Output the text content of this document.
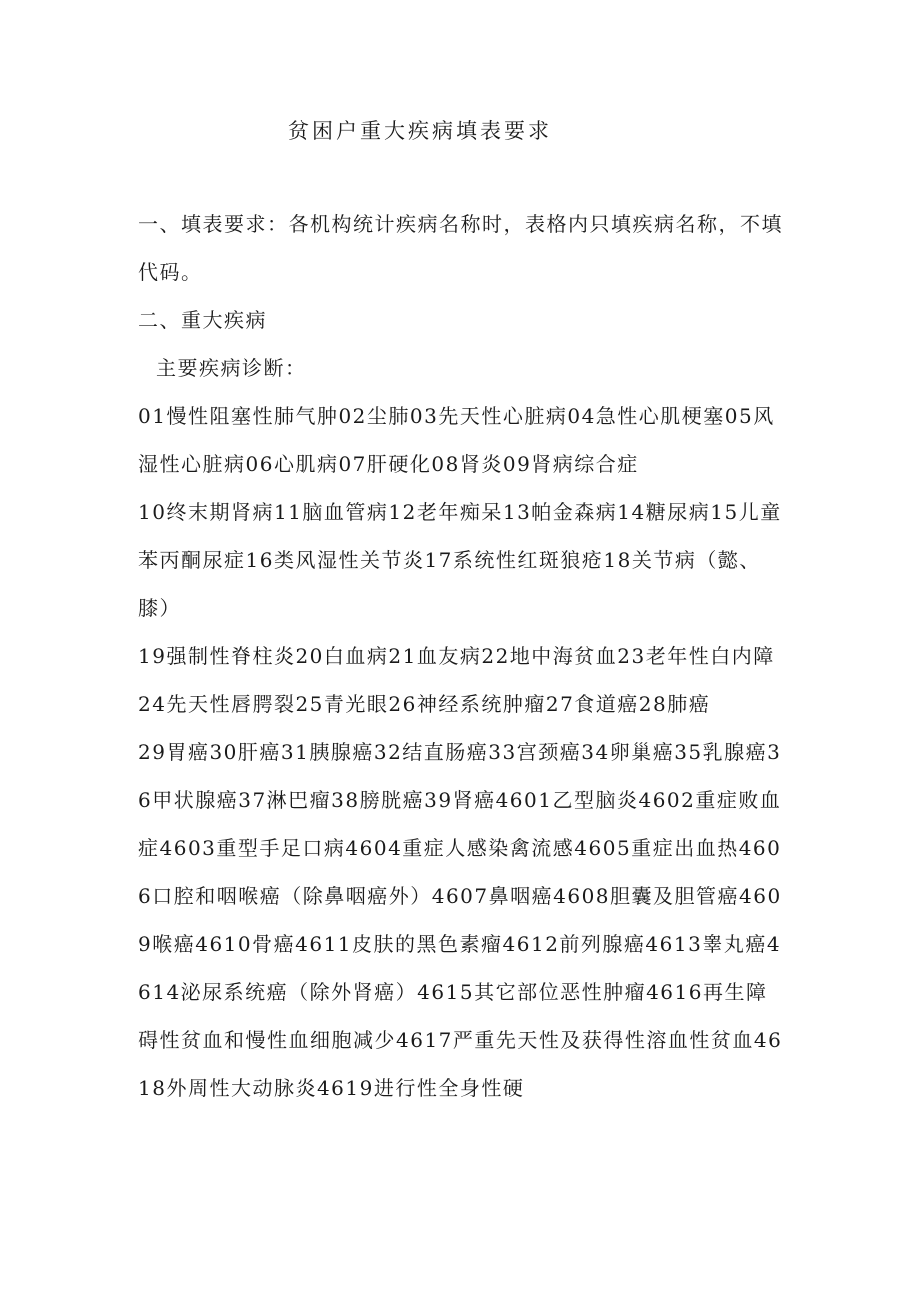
贫困户重大疾病填表要求

一、填表要求：各机构统计疾病名称时，表格内只填疾病名称，不填代码。

二、重大疾病

主要疾病诊断：

01慢性阻塞性肺气肿02尘肺03先天性心脏病04急性心肌梗塞05风湿性心脏病06心肌病07肝硬化08肾炎09肾病综合症

10终末期肾病11脑血管病12老年痴呆13帕金森病14糖尿病15儿童苯丙酮尿症16类风湿性关节炎17系统性红斑狼疮18关节病（懿、膝）

19强制性脊柱炎20白血病21血友病22地中海贫血23老年性白内障24先天性唇腭裂25青光眼26神经系统肿瘤27食道癌28肺癌

29胃癌30肝癌31胰腺癌32结直肠癌33宫颈癌34卵巢癌35乳腺癌36甲状腺癌37淋巴瘤38膀胱癌39肾癌4601乙型脑炎4602重症败血症4603重型手足口病4604重症人感染禽流感4605重症出血热4606口腔和咽喉癌（除鼻咽癌外）4607鼻咽癌4608胆囊及胆管癌4609喉癌4610骨癌4611皮肤的黑色素瘤4612前列腺癌4613睾丸癌4614泌尿系统癌（除外肾癌）4615其它部位恶性肿瘤4616再生障碍性贫血和慢性血细胞减少4617严重先天性及获得性溶血性贫血4618外周性大动脉炎4619进行性全身性硬
